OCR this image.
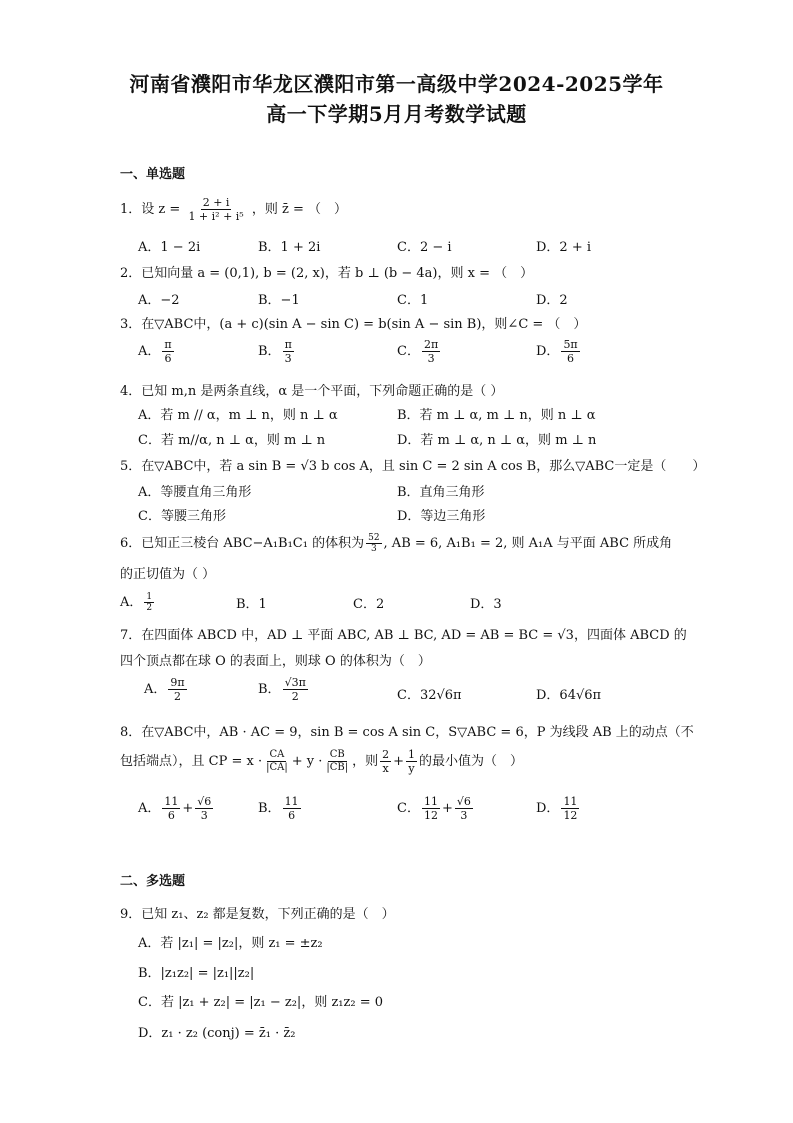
河南省濮阳市华龙区濮阳市第一高级中学2024-2025学年
高一下学期5月月考数学试题
一、单选题
1．设 $z = \frac{2 + i}{\text{1 + i² + i⁵}}$ ，则 z̄ = （　）
A．1 − 2i	B．1 + 2i	C．2 − i	D．2 + i
2．已知向量 a = (0,1), b = (2, x)，若 b ⊥ (b − 4a)，则 x = （　）
A．−2	B．−1	C．1	D．2
3．在▽ABC中，(a + c)(sin A − sin C) = b(sin A − sin B)，则∠C = （　）
A． $\frac{\pi}{6}$	B． $\frac{\pi}{3}$	C． $\frac{2\pi}{3}$	D． $\frac{5\pi}{6}$
4．已知 m,n 是两条直线，α 是一个平面，下列命题正确的是（ ）
A．若 m // α，m ⊥ n，则 n ⊥ α	B．若 m ⊥ α, m ⊥ n，则 n ⊥ α
C．若 m//α, n ⊥ α，则 m ⊥ n	D．若 m ⊥ α, n ⊥ α，则 m ⊥ n
5．在▽ABC中，若 a sin B = √3 b cos A，且 sin C = 2 sin A cos B，那么▽ABC一定是（　　）
A．等腰直角三角形	B．直角三角形
C．等腰三角形	D．等边三角形
6．已知正三棱台 ABC−A₁B₁C₁ 的体积为 $\frac{52}{3}$ , AB = 6, A₁B₁ = 2, 则 A₁A 与平面 ABC 所成角
的正切值为（ ）
A． $\frac{1}{2}$	B．1	C．2	D．3
7．在四面体 ABCD 中，AD ⊥ 平面 ABC, AB ⊥ BC, AD = AB = BC = √3，四面体 ABCD 的
四个顶点都在球 O 的表面上，则球 O 的体积为（　）
A． $\frac{9\pi}{2}$	B． $\frac{√3\pi}{2}$	C．32√6π	D．64√6π
8．在▽ABC中，AB · AC = 9，sin B = cos A sin C，S▽ABC = 6，P 为线段 AB 上的动点（不
包括端点），且 CP = $x \cdot \frac{CA}{|CA|} + y \cdot \frac{CB}{|CB|}$ ，则 $\frac{2}{x} + \frac{1}{y}$ 的最小值为（　）
A． $\frac{11}{6} + \frac{√6}{3}$	B． $\frac{11}{6}$	C． $\frac{11}{12} + \frac{√6}{3}$	D． $\frac{11}{12}$
二、多选题
9．已知 z₁、z₂ 都是复数，下列正确的是（　）
A．若 |z₁| = |z₂|，则 z₁ = ±z₂
B．|z₁z₂| = |z₁||z₂|
C．若 |z₁ + z₂| = |z₁ − z₂|，则 z₁z₂ = 0
D．z₁ · z₂ (conj) = z̄₁ · z̄₂
